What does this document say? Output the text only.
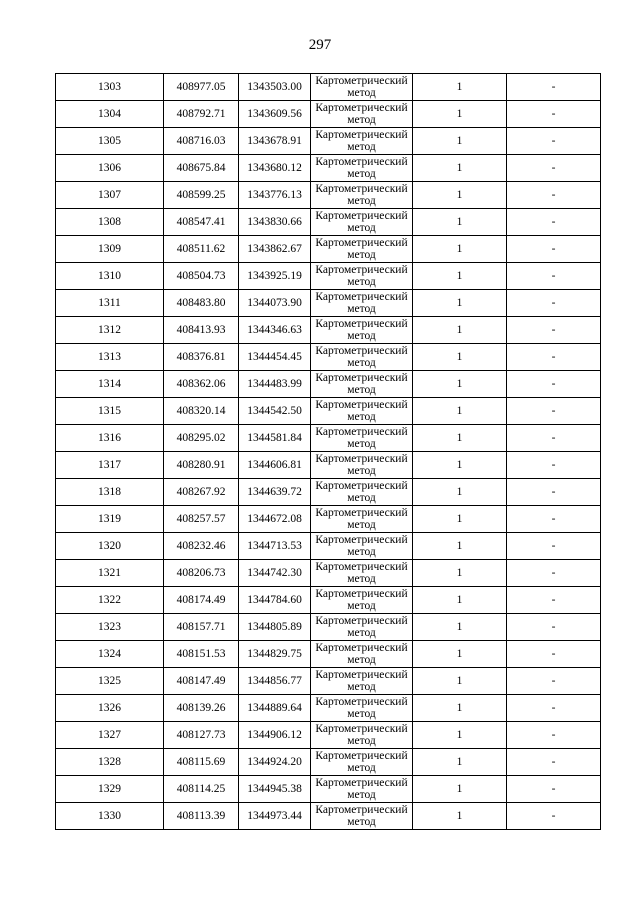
297
1303	408977.05	1343503.00	Картометрический метод	1	-
1304	408792.71	1343609.56	Картометрический метод	1	-
1305	408716.03	1343678.91	Картометрический метод	1	-
1306	408675.84	1343680.12	Картометрический метод	1	-
1307	408599.25	1343776.13	Картометрический метод	1	-
1308	408547.41	1343830.66	Картометрический метод	1	-
1309	408511.62	1343862.67	Картометрический метод	1	-
1310	408504.73	1343925.19	Картометрический метод	1	-
1311	408483.80	1344073.90	Картометрический метод	1	-
1312	408413.93	1344346.63	Картометрический метод	1	-
1313	408376.81	1344454.45	Картометрический метод	1	-
1314	408362.06	1344483.99	Картометрический метод	1	-
1315	408320.14	1344542.50	Картометрический метод	1	-
1316	408295.02	1344581.84	Картометрический метод	1	-
1317	408280.91	1344606.81	Картометрический метод	1	-
1318	408267.92	1344639.72	Картометрический метод	1	-
1319	408257.57	1344672.08	Картометрический метод	1	-
1320	408232.46	1344713.53	Картометрический метод	1	-
1321	408206.73	1344742.30	Картометрический метод	1	-
1322	408174.49	1344784.60	Картометрический метод	1	-
1323	408157.71	1344805.89	Картометрический метод	1	-
1324	408151.53	1344829.75	Картометрический метод	1	-
1325	408147.49	1344856.77	Картометрический метод	1	-
1326	408139.26	1344889.64	Картометрический метод	1	-
1327	408127.73	1344906.12	Картометрический метод	1	-
1328	408115.69	1344924.20	Картометрический метод	1	-
1329	408114.25	1344945.38	Картометрический метод	1	-
1330	408113.39	1344973.44	Картометрический метод	1	-
